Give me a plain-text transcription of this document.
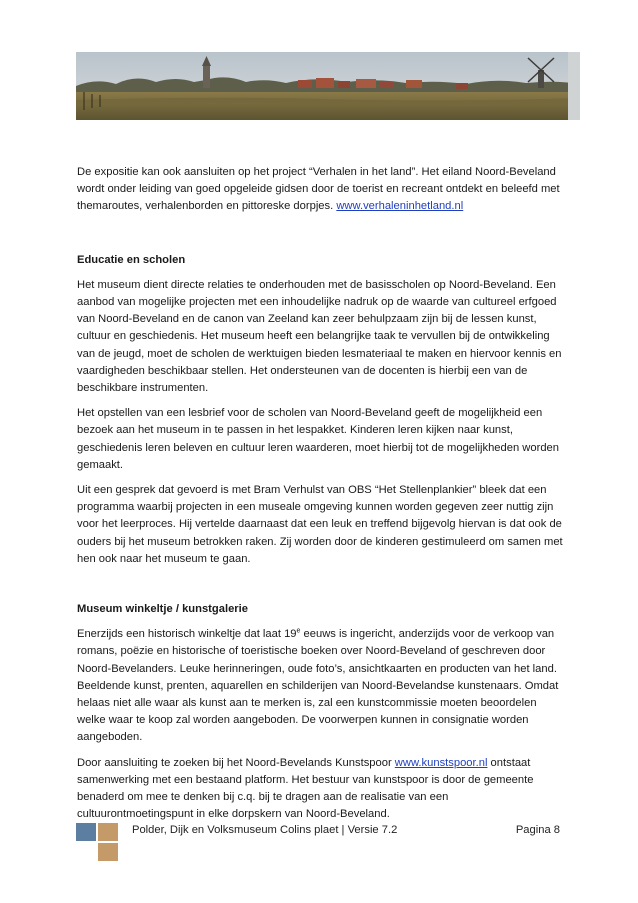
De expositie kan ook aansluiten op het project “Verhalen in het land”. Het eiland Noord-Beveland wordt onder leiding van goed opgeleide gidsen door de toerist en recreant ontdekt en beleefd met themaroutes, verhalenborden en pittoreske dorpjes. www.verhaleninhetland.nl

Educatie en scholen

Het museum dient directe relaties te onderhouden met de basisscholen op Noord-Beveland. Een aanbod van mogelijke projecten met een inhoudelijke nadruk op de waarde van cultureel erfgoed van Noord-Beveland en de canon van Zeeland kan zeer behulpzaam zijn bij de lessen kunst, cultuur en geschiedenis. Het museum heeft een belangrijke taak te vervullen bij de ontwikkeling van de jeugd, moet de scholen de werktuigen bieden lesmateriaal te maken en hiervoor kennis en vaardigheden beschikbaar stellen. Het ondersteunen van de docenten is hierbij een van de beschikbare instrumenten.

Het opstellen van een lesbrief voor de scholen van Noord-Beveland geeft de mogelijkheid een bezoek aan het museum in te passen in het lespakket. Kinderen leren kijken naar kunst, geschiedenis leren beleven en cultuur leren waarderen, moet hierbij tot de mogelijkheden worden gemaakt.

Uit een gesprek dat gevoerd is met Bram Verhulst van OBS “Het Stellenplankier” bleek dat een programma waarbij projecten in een museale omgeving kunnen worden gegeven zeer nuttig zijn voor het leerproces. Hij vertelde daarnaast dat een leuk en treffend bijgevolg hiervan is dat ook de ouders bij het museum betrokken raken. Zij worden door de kinderen gestimuleerd om samen met hen ook naar het museum te gaan.

Museum winkeltje / kunstgalerie

Enerzijds een historisch winkeltje dat laat 19e eeuws is ingericht, anderzijds voor de verkoop van romans, poëzie en historische of toeristische boeken over Noord-Beveland of geschreven door Noord-Bevelanders. Leuke herinneringen, oude foto’s, ansichtkaarten en producten van het land. Beeldende kunst, prenten, aquarellen en schilderijen van Noord-Bevelandse kunstenaars. Omdat helaas niet alle waar als kunst aan te merken is, zal een kunstcommissie moeten beoordelen welke waar te koop zal worden aangeboden. De voorwerpen kunnen in consignatie worden aangeboden.

Door aansluiting te zoeken bij het Noord-Bevelands Kunstspoor www.kunstspoor.nl ontstaat samenwerking met een bestaand platform. Het bestuur van kunstspoor is door de gemeente benaderd om mee te denken bij c.q. bij te dragen aan de realisatie van een cultuurontmoetingspunt in elke dorpskern van Noord-Beveland.

Polder, Dijk en Volksmuseum Colins plaet | Versie 7.2	Pagina 8
